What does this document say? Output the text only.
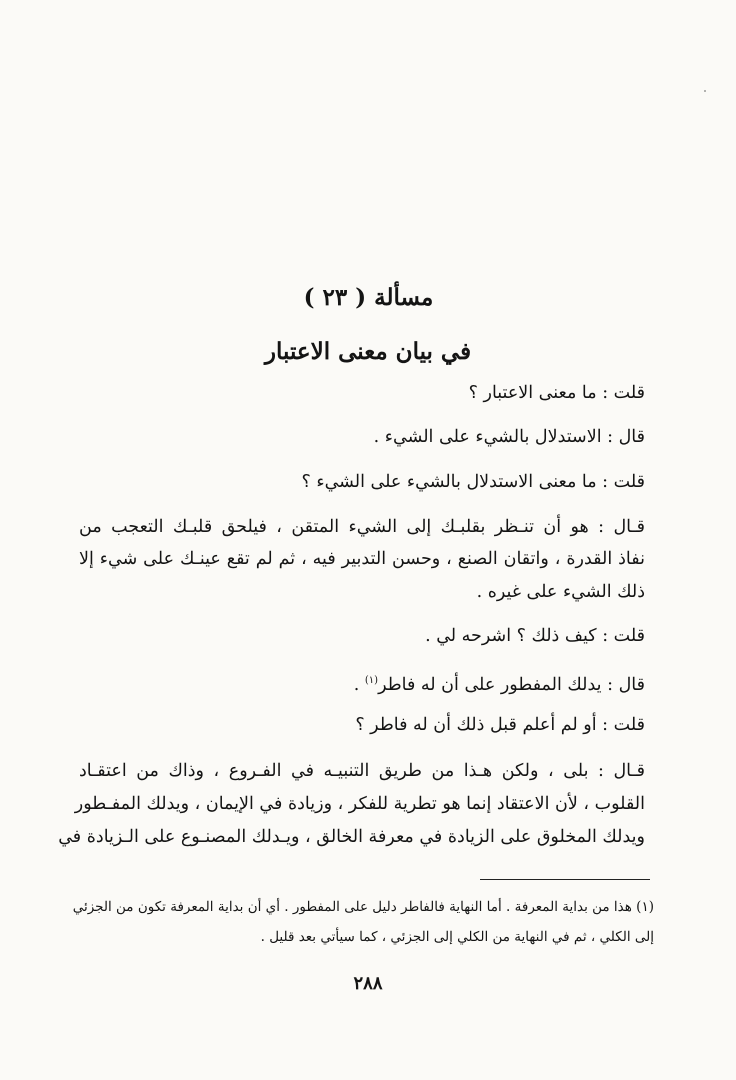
مسألة ( ٢٣ )
في بيان معنى الاعتبار
قلت : ما معنى الاعتبار ؟
قال : الاستدلال بالشيء على الشيء .
قلت : ما معنى الاستدلال بالشيء على الشيء ؟
قـال : هو أن تنـظر بقلبـك إلى الشيء المتقن ، فيلحق قلبـك التعجب من
نفاذ القدرة ، واتقان الصنع ، وحسن التدبير فيه ، ثم لم تقع عينـك على شيء إلا
ذلك الشيء على غيره .
قلت : كيف ذلك ؟ اشرحه لي .
قال : يدلك المفطور على أن له فاطر$^{(١)}$ .
قلت : أو لم أعلم قبل ذلك أن له فاطر ؟
قـال : بلى ، ولكن هـذا من طريق التنبيـه في الفـروع ، وذاك من اعتقـاد
القلوب ، لأن الاعتقاد إنما هو تطرية للفكر ، وزيادة في الإيمان ، ويدلك المفـطور
ويدلك المخلوق على الزيادة في معرفة الخالق ، ويـدلك المصنـوع على الـزيادة في
(١) هذا من بداية المعرفة . أما النهاية فالفاطر دليل على المفطور . أي أن بداية المعرفة تكون من الجزئي
إلى الكلي ، ثم في النهاية من الكلي إلى الجزئي ، كما سيأتي بعد قليل .
٢٨٨
